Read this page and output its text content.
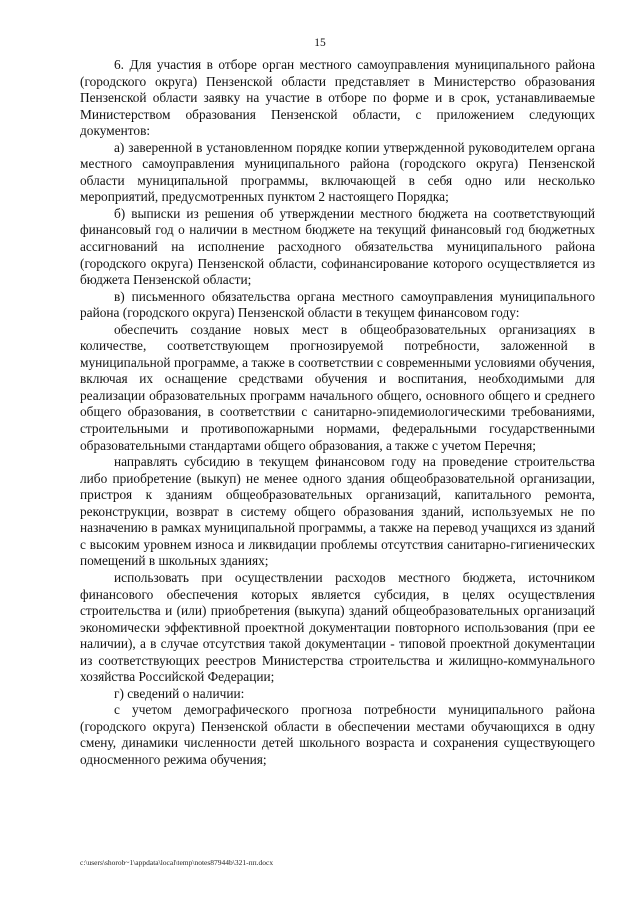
15

6. Для участия в отборе орган местного самоуправления муниципального района (городского округа) Пензенской области представляет в Министерство образования Пензенской области заявку на участие в отборе по форме и в срок, устанавливаемые Министерством образования Пензенской области, с приложением следующих документов:

а) заверенной в установленном порядке копии утвержденной руководителем органа местного самоуправления муниципального района (городского округа) Пензенской области муниципальной программы, включающей в себя одно или несколько мероприятий, предусмотренных пунктом 2 настоящего Порядка;

б) выписки из решения об утверждении местного бюджета на соответствующий финансовый год о наличии в местном бюджете на текущий финансовый год бюджетных ассигнований на исполнение расходного обязательства муниципального района (городского округа) Пензенской области, софинансирование которого осуществляется из бюджета Пензенской области;

в) письменного обязательства органа местного самоуправления муниципального района (городского округа) Пензенской области в текущем финансовом году:

обеспечить создание новых мест в общеобразовательных организациях в количестве, соответствующем прогнозируемой потребности, заложенной в муниципальной программе, а также в соответствии с современными условиями обучения, включая их оснащение средствами обучения и воспитания, необходимыми для реализации образовательных программ начального общего, основного общего и среднего общего образования, в соответствии с санитарно-эпидемиологическими требованиями, строительными и противопожарными нормами, федеральными государственными образовательными стандартами общего образования, а также с учетом Перечня;

направлять субсидию в текущем финансовом году на проведение строительства либо приобретение (выкуп) не менее одного здания общеобразовательной организации, пристроя к зданиям общеобразовательных организаций, капитального ремонта, реконструкции, возврат в систему общего образования зданий, используемых не по назначению в рамках муниципальной программы, а также на перевод учащихся из зданий с высоким уровнем износа и ликвидации проблемы отсутствия санитарно-гигиенических помещений в школьных зданиях;

использовать при осуществлении расходов местного бюджета, источником финансового обеспечения которых является субсидия, в целях осуществления строительства и (или) приобретения (выкупа) зданий общеобразовательных организаций экономически эффективной проектной документации повторного использования (при ее наличии), а в случае отсутствия такой документации - типовой проектной документации из соответствующих реестров Министерства строительства и жилищно-коммунального хозяйства Российской Федерации;

г) сведений о наличии:

с учетом демографического прогноза потребности муниципального района (городского округа) Пензенской области в обеспечении местами обучающихся в одну смену, динамики численности детей школьного возраста и сохранения существующего односменного режима обучения;

c:\users\shorob~1\appdata\local\temp\notes87944b\321-пп.docx
